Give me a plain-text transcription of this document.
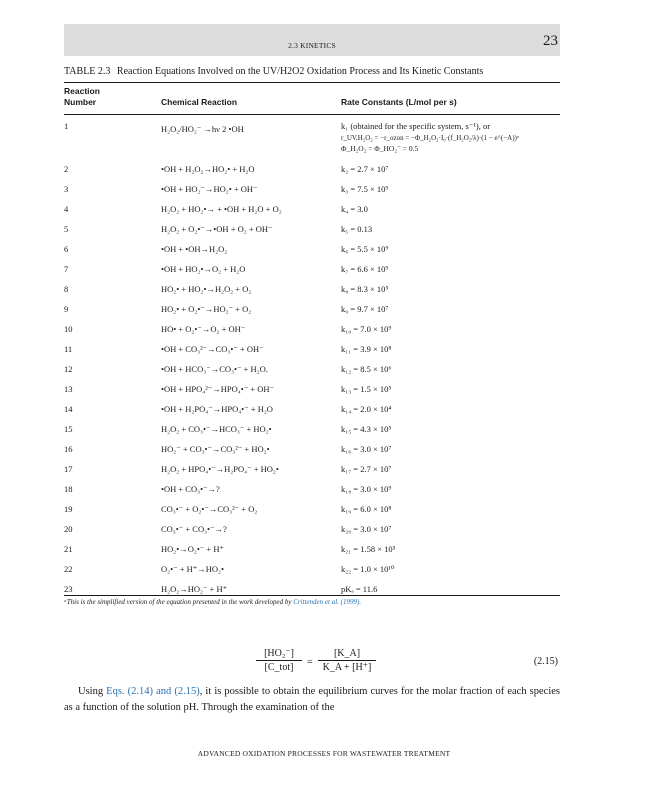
2.3 KINETICS	23
TABLE 2.3 Reaction Equations Involved on the UV/H2O2 Oxidation Process and Its Kinetic Constants
Reaction Number	Chemical Reaction	Rate Constants (L/mol per s)
1	H₂O₂/HO₂⁻ →hν 2 •OH	k₁ (obtained for the specific system, s⁻¹), or
r_UV,H₂O₂ = −r_ozon = −Φ_H₂O₂·I₀·(f_H₂O₂/λ)·(1 − e^(−A))ᵃ
Φ_H₂O₂ = Φ_HO₂⁻ = 0.5
2	•OH + H₂O₂→HO₂• + H₂O	k₂ = 2.7 × 10⁷
3	•OH + HO₂⁻→HO₂• + OH⁻	k₃ = 7.5 × 10⁹
4	H₂O₂ + HO₂•→ + •OH + H₂O + O₂	k₄ = 3.0
5	H₂O₂ + O₂•⁻→•OH + O₂ + OH⁻	k₅ = 0.13
6	•OH + •OH→H₂O₂	k₆ = 5.5 × 10⁹
7	•OH + HO₂•→O₂ + H₂O	k₇ = 6.6 × 10⁹
8	HO₂• + HO₂•→H₂O₂ + O₂	k₈ = 8.3 × 10⁵
9	HO₂• + O₂•⁻→HO₂⁻ + O₂	k₉ = 9.7 × 10⁷
10	HO• + O₂•⁻→O₂ + OH⁻	k₁₀ = 7.0 × 10⁹
11	•OH + CO₃²⁻→CO₃•⁻ + OH⁻	k₁₁ = 3.9 × 10⁸
12	•OH + HCO₃⁻→CO₃•⁻ + H₂O.	k₁₂ = 8.5 × 10⁶
13	•OH + HPO₄²⁻→HPO₄•⁻ + OH⁻	k₁₃ = 1.5 × 10⁵
14	•OH + H₂PO₄⁻→HPO₄•⁻ + H₂O	k₁₄ = 2.0 × 10⁴
15	H₂O₂ + CO₃•⁻→HCO₃⁻ + HO₂•	k₁₅ = 4.3 × 10⁵
16	HO₂⁻ + CO₃•⁻→CO₃²⁻ + HO₂•	k₁₆ = 3.0 × 10⁷
17	H₂O₂ + HPO₄•⁻→H₂PO₄⁻ + HO₂•	k₁₇ = 2.7 × 10⁷
18	•OH + CO₃•⁻→?	k₁₈ = 3.0 × 10⁹
19	CO₃•⁻ + O₂•⁻→CO₃²⁻ + O₂	k₁₉ = 6.0 × 10⁸
20	CO₃•⁻ + CO₃•⁻→?	k₂₀ = 3.0 × 10⁷
21	HO₂•→O₂•⁻ + H⁺	k₂₁ = 1.58 × 10⁵
22	O₂•⁻ + H⁺→HO₂•	k₂₂ = 1.0 × 10¹⁰
23	H₂O₂→HO₂⁻ + H⁺	pKₐ = 11.6
ᵃThis is the simplified version of the equation presented in the work developed by Crittenden et al. (1999).
[HO₂⁻]
[C_tot]	= $\frac{[K\_A]}{K\_A + [H^+]}$	(2.15)
Using Eqs. (2.14) and (2.15), it is possible to obtain the equilibrium curves for the molar fraction of each species as a function of the solution pH. Through the examination of the
ADVANCED OXIDATION PROCESSES FOR WASTEWATER TREATMENT
